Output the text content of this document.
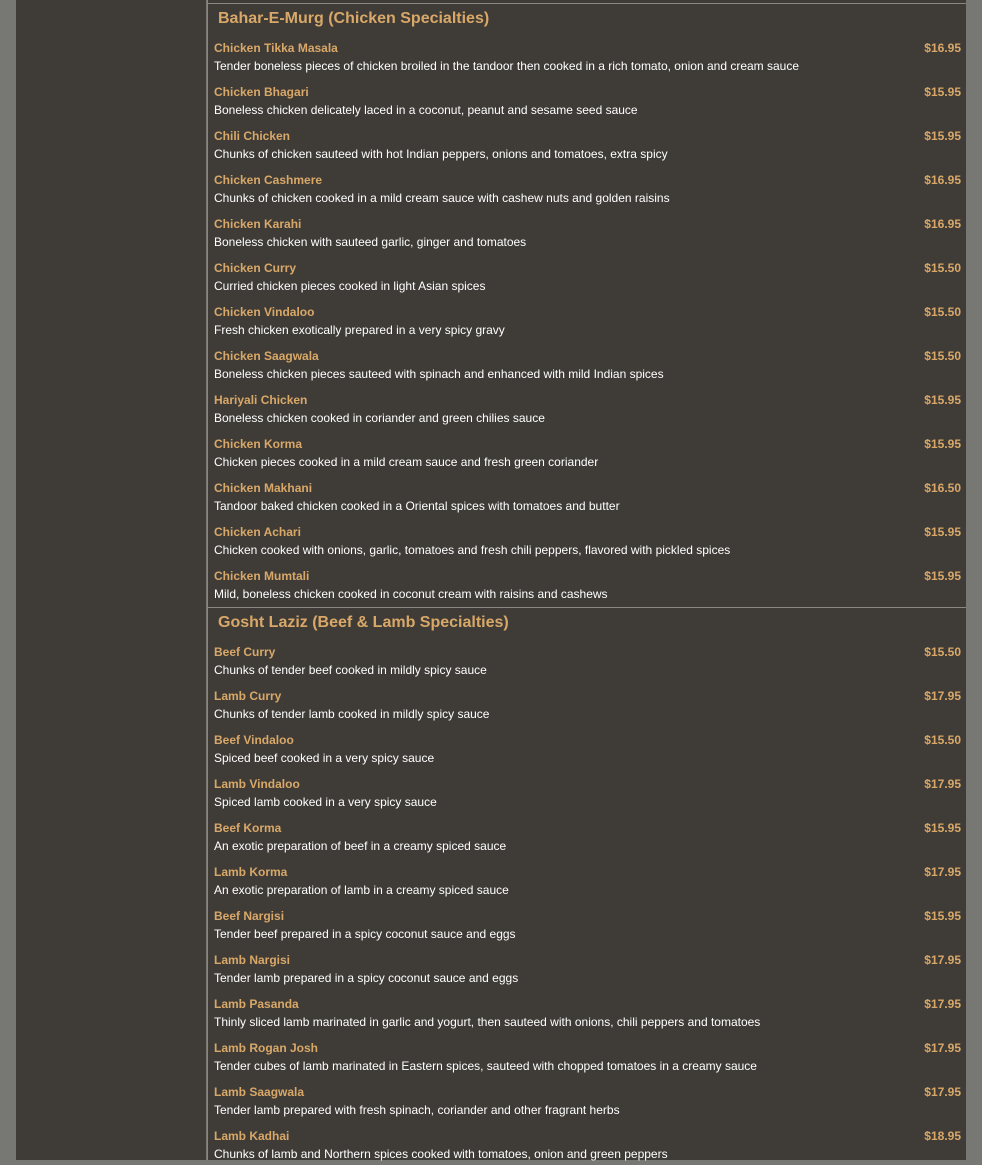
Bahar-E-Murg (Chicken Specialties)
Chicken Tikka Masala	$16.95
Tender boneless pieces of chicken broiled in the tandoor then cooked in a rich tomato, onion and cream sauce
Chicken Bhagari	$15.95
Boneless chicken delicately laced in a coconut, peanut and sesame seed sauce
Chili Chicken	$15.95
Chunks of chicken sauteed with hot Indian peppers, onions and tomatoes, extra spicy
Chicken Cashmere	$16.95
Chunks of chicken cooked in a mild cream sauce with cashew nuts and golden raisins
Chicken Karahi	$16.95
Boneless chicken with sauteed garlic, ginger and tomatoes
Chicken Curry	$15.50
Curried chicken pieces cooked in light Asian spices
Chicken Vindaloo	$15.50
Fresh chicken exotically prepared in a very spicy gravy
Chicken Saagwala	$15.50
Boneless chicken pieces sauteed with spinach and enhanced with mild Indian spices
Hariyali Chicken	$15.95
Boneless chicken cooked in coriander and green chilies sauce
Chicken Korma	$15.95
Chicken pieces cooked in a mild cream sauce and fresh green coriander
Chicken Makhani	$16.50
Tandoor baked chicken cooked in a Oriental spices with tomatoes and butter
Chicken Achari	$15.95
Chicken cooked with onions, garlic, tomatoes and fresh chili peppers, flavored with pickled spices
Chicken Mumtali	$15.95
Mild, boneless chicken cooked in coconut cream with raisins and cashews
Gosht Laziz (Beef & Lamb Specialties)
Beef Curry	$15.50
Chunks of tender beef cooked in mildly spicy sauce
Lamb Curry	$17.95
Chunks of tender lamb cooked in mildly spicy sauce
Beef Vindaloo	$15.50
Spiced beef cooked in a very spicy sauce
Lamb Vindaloo	$17.95
Spiced lamb cooked in a very spicy sauce
Beef Korma	$15.95
An exotic preparation of beef in a creamy spiced sauce
Lamb Korma	$17.95
An exotic preparation of lamb in a creamy spiced sauce
Beef Nargisi	$15.95
Tender beef prepared in a spicy coconut sauce and eggs
Lamb Nargisi	$17.95
Tender lamb prepared in a spicy coconut sauce and eggs
Lamb Pasanda	$17.95
Thinly sliced lamb marinated in garlic and yogurt, then sauteed with onions, chili peppers and tomatoes
Lamb Rogan Josh	$17.95
Tender cubes of lamb marinated in Eastern spices, sauteed with chopped tomatoes in a creamy sauce
Lamb Saagwala	$17.95
Tender lamb prepared with fresh spinach, coriander and other fragrant herbs
Lamb Kadhai	$18.95
Chunks of lamb and Northern spices cooked with tomatoes, onion and green peppers
